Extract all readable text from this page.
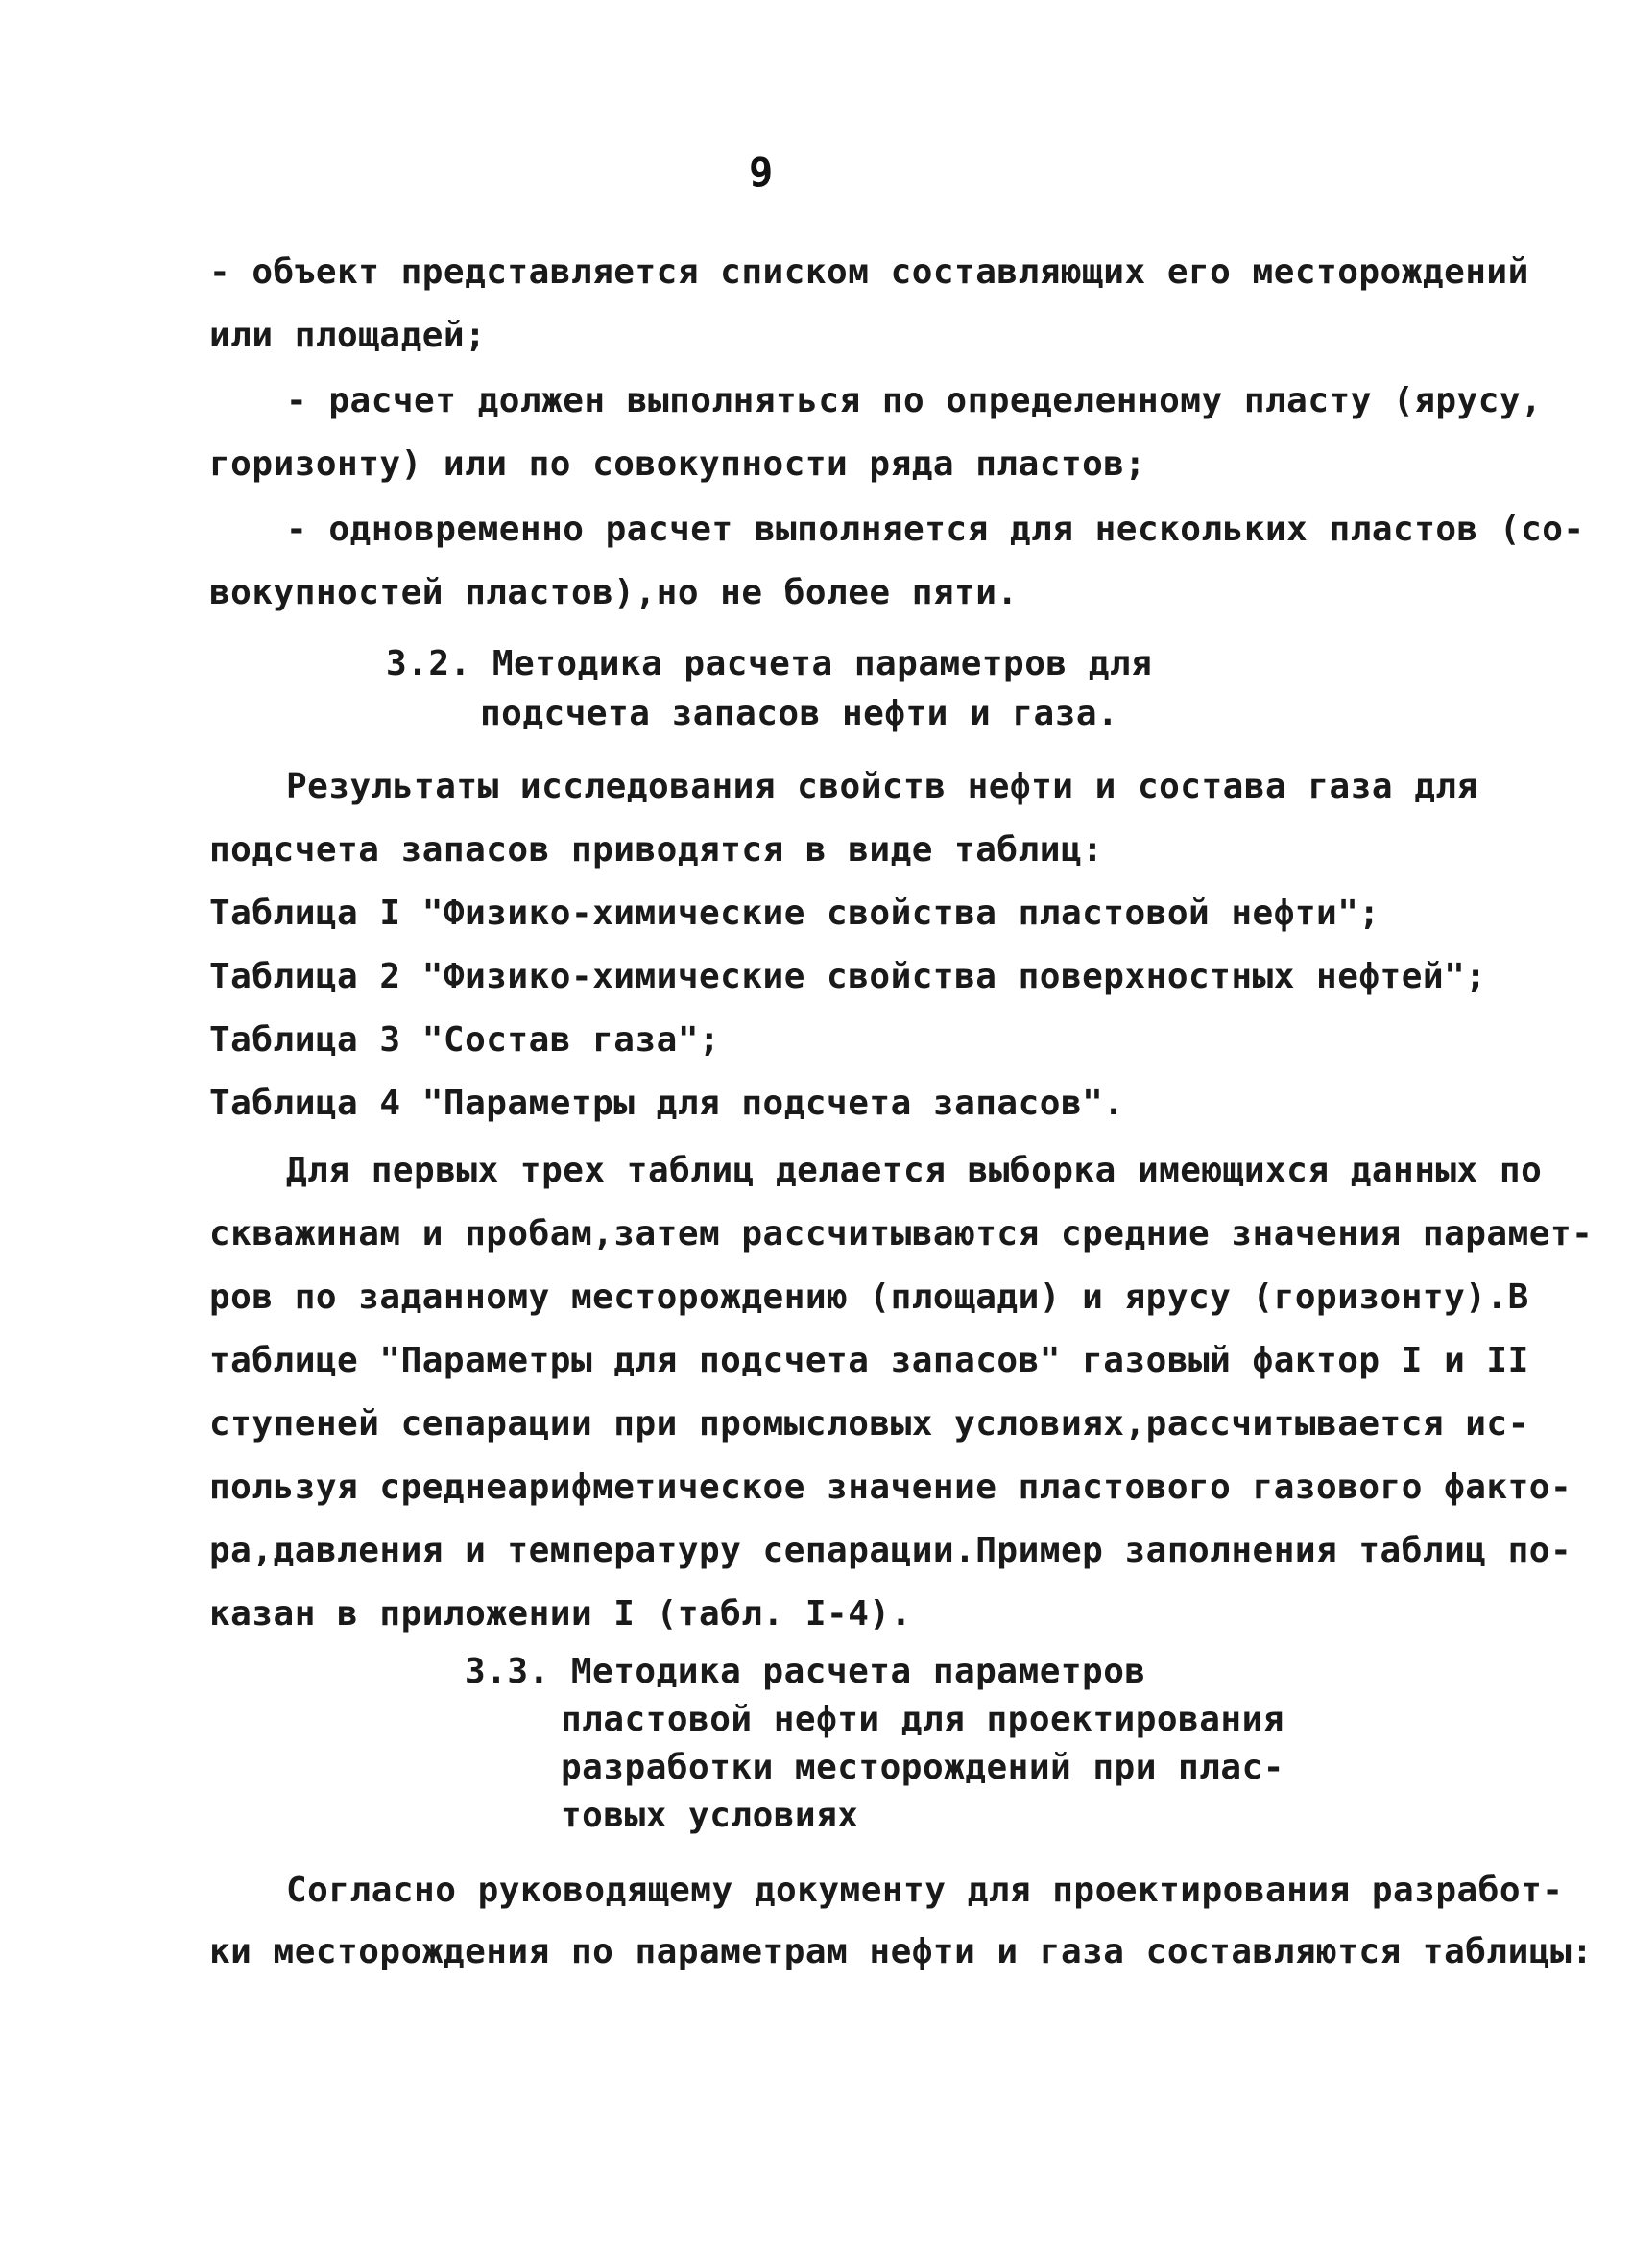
9
- объект представляется списком составляющих его месторождений
или площадей;
- расчет должен выполняться по определенному пласту (ярусу,
горизонту) или по совокупности ряда пластов;
- одновременно расчет выполняется для нескольких пластов (со-
вокупностей пластов),но не более пяти.
3.2. Методика расчета параметров для
подсчета запасов нефти и газа.
Результаты исследования свойств нефти и состава газа для
подсчета запасов приводятся в виде таблиц:
Таблица I "Физико-химические свойства пластовой нефти";
Таблица 2 "Физико-химические свойства поверхностных нефтей";
Таблица 3 "Состав газа";
Таблица 4 "Параметры для подсчета запасов".
Для первых трех таблиц делается выборка имеющихся данных по
скважинам и пробам,затем рассчитываются средние значения парамет-
ров по заданному месторождению (площади) и ярусу (горизонту).В
таблице "Параметры для подсчета запасов" газовый фактор I и II
ступеней сепарации при промысловых условиях,рассчитывается ис-
пользуя среднеарифметическое значение пластового газового факто-
ра,давления и температуру сепарации.Пример заполнения таблиц по-
казан в приложении I (табл. I-4).
3.3. Методика расчета параметров
пластовой нефти для проектирования
разработки месторождений при плас-
товых условиях
Согласно руководящему документу для проектирования разработ-
ки месторождения по параметрам нефти и газа составляются таблицы:
